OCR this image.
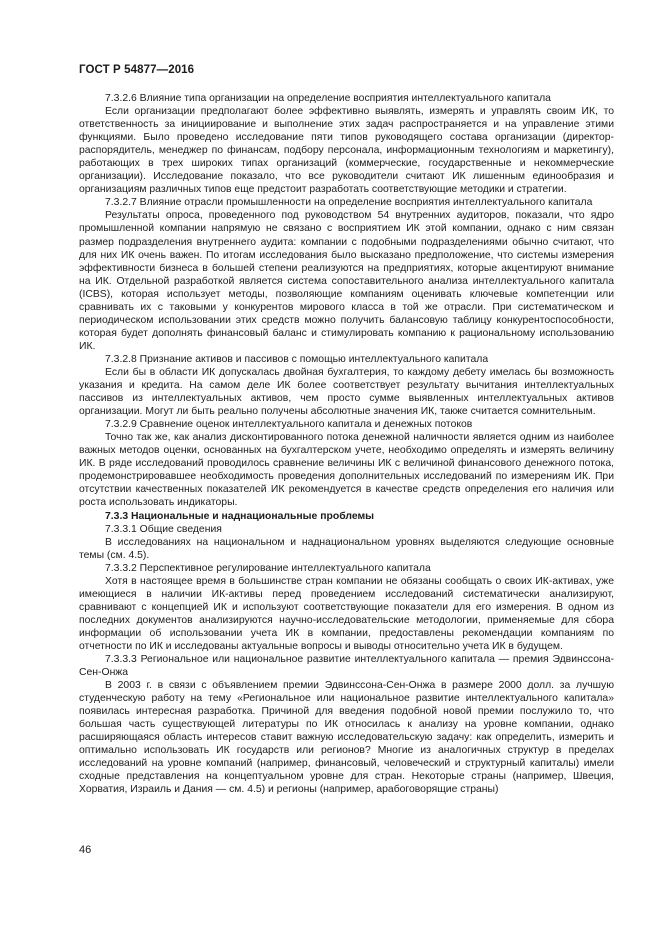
ГОСТ Р 54877—2016

7.3.2.6 Влияние типа организации на определение восприятия интеллектуального капитала

Если организации предполагают более эффективно выявлять, измерять и управлять своим ИК, то ответственность за инициирование и выполнение этих задач распространяется и на управление этими функциями. Было проведено исследование пяти типов руководящего состава организации (директор-распорядитель, менеджер по финансам, подбору персонала, информационным технологиям и маркетингу), работающих в трех широких типах организаций (коммерческие, государственные и некоммерческие организации). Исследование показало, что все руководители считают ИК лишенным единообразия и организациям различных типов еще предстоит разработать соответствующие методики и стратегии.

7.3.2.7 Влияние отрасли промышленности на определение восприятия интеллектуального капитала

Результаты опроса, проведенного под руководством 54 внутренних аудиторов, показали, что ядро промышленной компании напрямую не связано с восприятием ИК этой компании, однако с ним связан размер подразделения внутреннего аудита: компании с подобными подразделениями обычно считают, что для них ИК очень важен. По итогам исследования было высказано предположение, что системы измерения эффективности бизнеса в большей степени реализуются на предприятиях, которые акцентируют внимание на ИК. Отдельной разработкой является система сопоставительного анализа интеллектуального капитала (ICBS), которая использует методы, позволяющие компаниям оценивать ключевые компетенции или сравнивать их с таковыми у конкурентов мирового класса в той же отрасли. При систематическом и периодическом использовании этих средств можно получить балансовую таблицу конкурентоспособности, которая будет дополнять финансовый баланс и стимулировать компанию к рациональному использованию ИК.

7.3.2.8 Признание активов и пассивов с помощью интеллектуального капитала

Если бы в области ИК допускалась двойная бухгалтерия, то каждому дебету имелась бы возможность указания и кредита. На самом деле ИК более соответствует результату вычитания интеллектуальных пассивов из интеллектуальных активов, чем просто сумме выявленных интеллектуальных активов организации. Могут ли быть реально получены абсолютные значения ИК, также считается сомнительным.

7.3.2.9 Сравнение оценок интеллектуального капитала и денежных потоков

Точно так же, как анализ дисконтированного потока денежной наличности является одним из наиболее важных методов оценки, основанных на бухгалтерском учете, необходимо определять и измерять величину ИК. В ряде исследований проводилось сравнение величины ИК с величиной финансового денежного потока, продемонстрировавшее необходимость проведения дополнительных исследований по измерениям ИК. При отсутствии качественных показателей ИК рекомендуется в качестве средств определения его наличия или роста использовать индикаторы.

7.3.3 Национальные и наднациональные проблемы

7.3.3.1 Общие сведения

В исследованиях на национальном и наднациональном уровнях выделяются следующие основные темы (см. 4.5).

7.3.3.2 Перспективное регулирование интеллектуального капитала

Хотя в настоящее время в большинстве стран компании не обязаны сообщать о своих ИК-активах, уже имеющиеся в наличии ИК-активы перед проведением исследований систематически анализируют, сравнивают с концепцией ИК и используют соответствующие показатели для его измерения. В одном из последних документов анализируются научно-исследовательские методологии, применяемые для сбора информации об использовании учета ИК в компании, предоставлены рекомендации компаниям по отчетности по ИК и исследованы актуальные вопросы и выводы относительно учета ИК в будущем.

7.3.3.3 Региональное или национальное развитие интеллектуального капитала — премия Эдвинссона-Сен-Онжа

В 2003 г. в связи с объявлением премии Эдвинссона-Сен-Онжа в размере 2000 долл. за лучшую студенческую работу на тему «Региональное или национальное развитие интеллектуального капитала» появилась интересная разработка. Причиной для введения подобной новой премии послужило то, что большая часть существующей литературы по ИК относилась к анализу на уровне компании, однако расширяющаяся область интересов ставит важную исследовательскую задачу: как определить, измерить и оптимально использовать ИК государств или регионов? Многие из аналогичных структур в пределах исследований на уровне компаний (например, финансовый, человеческий и структурный капиталы) имели сходные представления на концептуальном уровне для стран. Некоторые страны (например, Швеция, Хорватия, Израиль и Дания — см. 4.5) и регионы (например, арабоговорящие страны)

46
